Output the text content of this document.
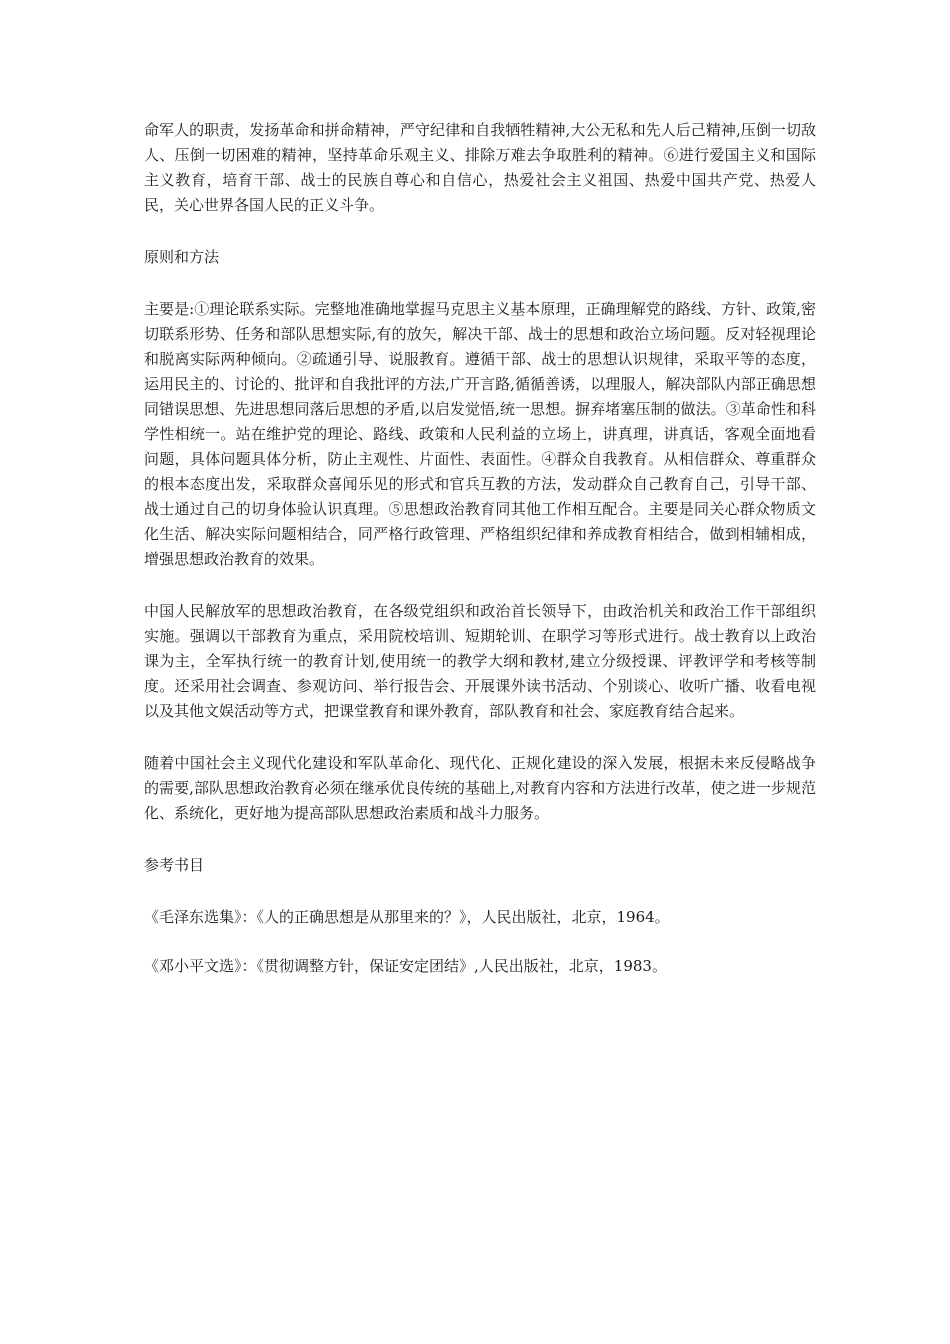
命军人的职责，发扬革命和拼命精神，严守纪律和自我牺牲精神,大公无私和先人后己精神,压倒一切敌人、压倒一切困难的精神，坚持革命乐观主义、排除万难去争取胜利的精神。⑥进行爱国主义和国际主义教育，培育干部、战士的民族自尊心和自信心，热爱社会主义祖国、热爱中国共产党、热爱人民，关心世界各国人民的正义斗争。

原则和方法

主要是:①理论联系实际。完整地准确地掌握马克思主义基本原理，正确理解党的路线、方针、政策,密切联系形势、任务和部队思想实际,有的放矢，解决干部、战士的思想和政治立场问题。反对轻视理论和脱离实际两种倾向。②疏通引导、说服教育。遵循干部、战士的思想认识规律，采取平等的态度，运用民主的、讨论的、批评和自我批评的方法,广开言路,循循善诱，以理服人，解决部队内部正确思想同错误思想、先进思想同落后思想的矛盾,以启发觉悟,统一思想。摒弃堵塞压制的做法。③革命性和科学性相统一。站在维护党的理论、路线、政策和人民利益的立场上，讲真理，讲真话，客观全面地看问题，具体问题具体分析，防止主观性、片面性、表面性。④群众自我教育。从相信群众、尊重群众的根本态度出发，采取群众喜闻乐见的形式和官兵互教的方法，发动群众自己教育自己，引导干部、战士通过自己的切身体验认识真理。⑤思想政治教育同其他工作相互配合。主要是同关心群众物质文化生活、解决实际问题相结合，同严格行政管理、严格组织纪律和养成教育相结合，做到相辅相成，增强思想政治教育的效果。

中国人民解放军的思想政治教育，在各级党组织和政治首长领导下，由政治机关和政治工作干部组织实施。强调以干部教育为重点，采用院校培训、短期轮训、在职学习等形式进行。战士教育以上政治课为主，全军执行统一的教育计划,使用统一的教学大纲和教材,建立分级授课、评教评学和考核等制度。还采用社会调查、参观访问、举行报告会、开展课外读书活动、个别谈心、收听广播、收看电视以及其他文娱活动等方式，把课堂教育和课外教育，部队教育和社会、家庭教育结合起来。

随着中国社会主义现代化建设和军队革命化、现代化、正规化建设的深入发展，根据未来反侵略战争的需要,部队思想政治教育必须在继承优良传统的基础上,对教育内容和方法进行改革，使之进一步规范化、系统化，更好地为提高部队思想政治素质和战斗力服务。

参考书目

《毛泽东选集》：《人的正确思想是从那里来的？》，人民出版社，北京，1964。

《邓小平文选》：《贯彻调整方针，保证安定团结》,人民出版社，北京，1983。
